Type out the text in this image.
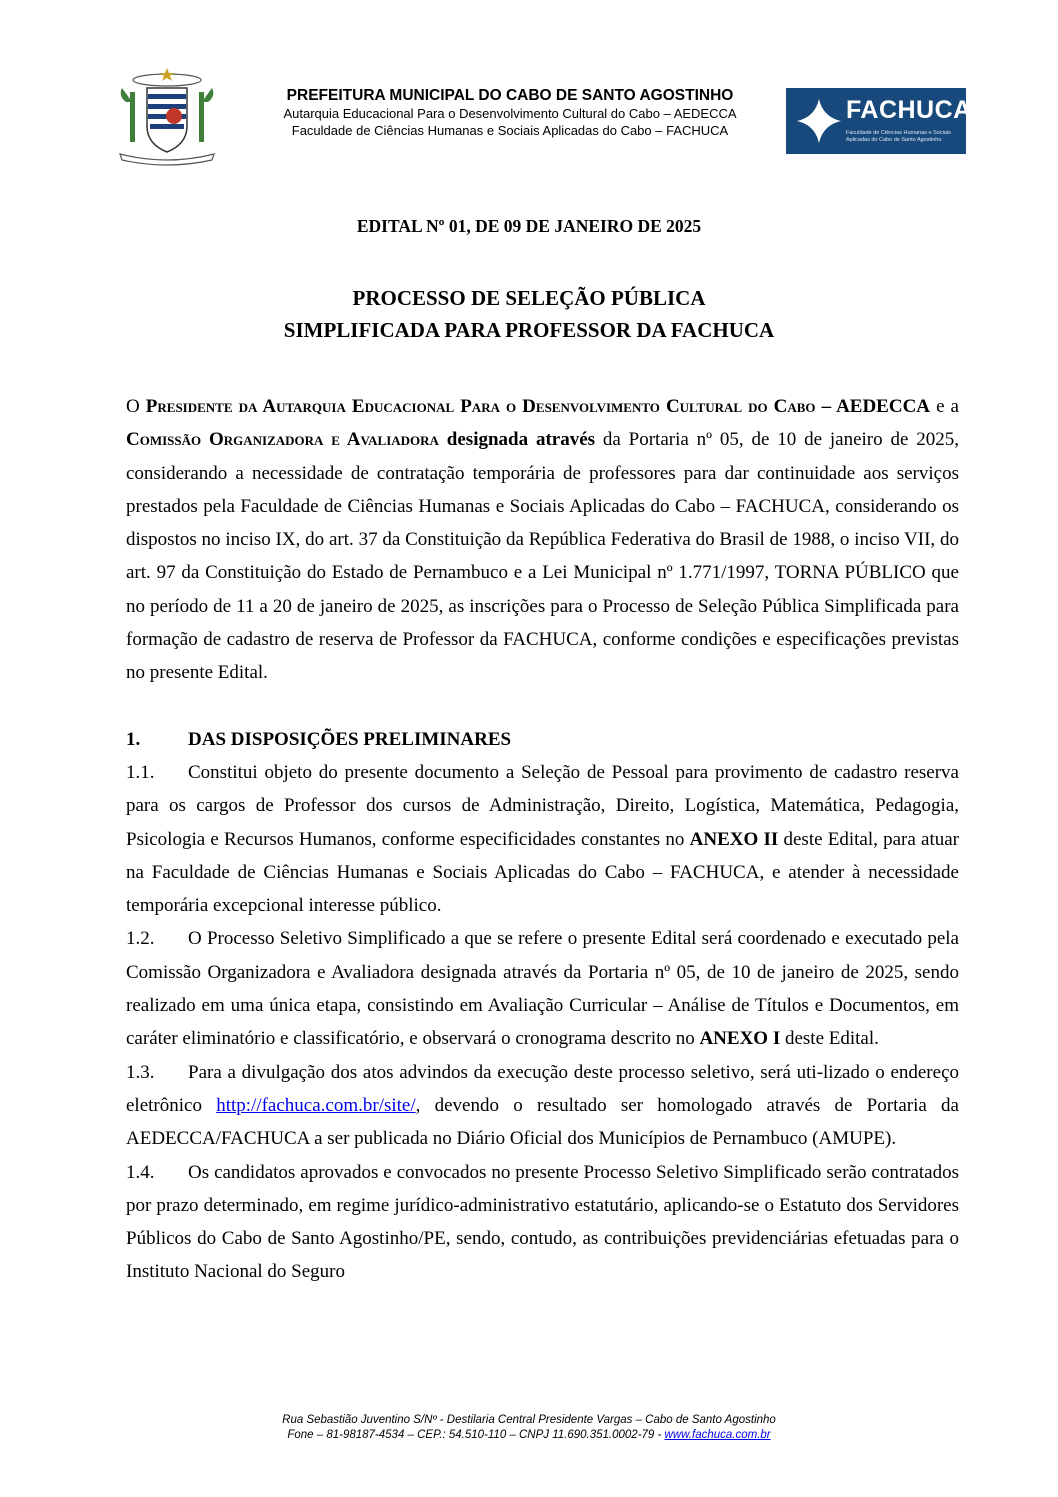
PREFEITURA MUNICIPAL DO CABO DE SANTO AGOSTINHO
Autarquia Educacional Para o Desenvolvimento Cultural do Cabo – AEDECCA
Faculdade de Ciências Humanas e Sociais Aplicadas do Cabo – FACHUCA
FACHUCA
Faculdade de Ciências Humanas e Sociais Aplicadas do Cabo de Santo Agostinho
EDITAL Nº 01, DE 09 DE JANEIRO DE 2025
PROCESSO DE SELEÇÃO PÚBLICA
SIMPLIFICADA PARA PROFESSOR DA FACHUCA

O Presidente da Autarquia Educacional Para o Desenvolvimento Cultural do Cabo – AEDECCA e a Comissão Organizadora e Avaliadora designada através da Portaria nº 05, de 10 de janeiro de 2025, considerando a necessidade de contratação temporária de professores para dar continuidade aos serviços prestados pela Faculdade de Ciências Humanas e Sociais Aplicadas do Cabo – FACHUCA, considerando os dispostos no inciso IX, do art. 37 da Constituição da República Federativa do Brasil de 1988, o inciso VII, do art. 97 da Constituição do Estado de Pernambuco e a Lei Municipal nº 1.771/1997, TORNA PÚBLICO que no período de 11 a 20 de janeiro de 2025, as inscrições para o Processo de Seleção Pública Simplificada para formação de cadastro de reserva de Professor da FACHUCA, conforme condições e especificações previstas no presente Edital.

1.	DAS DISPOSIÇÕES PRELIMINARES

1.1. Constitui objeto do presente documento a Seleção de Pessoal para provimento de cadastro reserva para os cargos de Professor dos cursos de Administração, Direito, Logística, Matemática, Pedagogia, Psicologia e Recursos Humanos, conforme especificidades constantes no ANEXO II deste Edital, para atuar na Faculdade de Ciências Humanas e Sociais Aplicadas do Cabo – FACHUCA, e atender à necessidade temporária excepcional interesse público.

1.2. O Processo Seletivo Simplificado a que se refere o presente Edital será coordenado e executado pela Comissão Organizadora e Avaliadora designada através da Portaria nº 05, de 10 de janeiro de 2025, sendo realizado em uma única etapa, consistindo em Avaliação Curricular – Análise de Títulos e Documentos, em caráter eliminatório e classificatório, e observará o cronograma descrito no ANEXO I deste Edital.

1.3. Para a divulgação dos atos advindos da execução deste processo seletivo, será uti-lizado o endereço eletrônico http://fachuca.com.br/site/, devendo o resultado ser homologado através de Portaria da AEDECCA/FACHUCA a ser publicada no Diário Oficial dos Municípios de Pernambuco (AMUPE).

1.4. Os candidatos aprovados e convocados no presente Processo Seletivo Simplificado serão contratados por prazo determinado, em regime jurídico-administrativo estatutário, aplicando-se o Estatuto dos Servidores Públicos do Cabo de Santo Agostinho/PE, sendo, contudo, as contribuições previdenciárias efetuadas para o Instituto Nacional do Seguro

Rua Sebastião Juventino S/Nº - Destilaria Central Presidente Vargas – Cabo de Santo Agostinho
Fone – 81-98187-4534 – CEP.: 54.510-110 – CNPJ 11.690.351.0002-79 - www.fachuca.com.br
